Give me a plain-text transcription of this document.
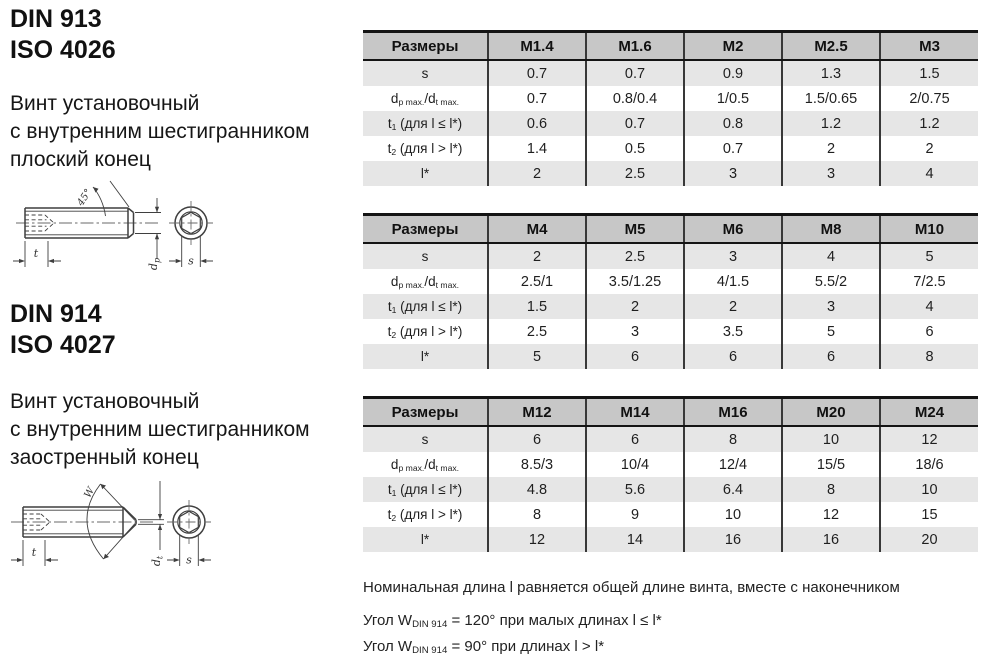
DIN 913
ISO 4026
Винт установочный
с внутренним шестигранником
плоский конец
45°
$d_p$
t
s
DIN 914
ISO 4027
Винт установочный
с внутренним шестигранником
заостренный конец
W
$d_t$
t
s
Размеры	M1.4	M1.6	M2	M2.5	M3
s	0.7	0.7	0.9	1.3	1.5
dp max./dt max.	0.7	0.8/0.4	1/0.5	1.5/0.65	2/0.75
t1 (для l ≤ l*)	0.6	0.7	0.8	1.2	1.2
t2 (для l > l*)	1.4	0.5	0.7	2	2
l*	2	2.5	3	3	4
Размеры	M4	M5	M6	M8	M10
s	2	2.5	3	4	5
dp max./dt max.	2.5/1	3.5/1.25	4/1.5	5.5/2	7/2.5
t1 (для l ≤ l*)	1.5	2	2	3	4
t2 (для l > l*)	2.5	3	3.5	5	6
l*	5	6	6	6	8
Размеры	M12	M14	M16	M20	M24
s	6	6	8	10	12
dp max./dt max.	8.5/3	10/4	12/4	15/5	18/6
t1 (для l ≤ l*)	4.8	5.6	6.4	8	10
t2 (для l > l*)	8	9	10	12	15
l*	12	14	16	16	20

Номинальная длина l равняется общей длине винта, вместе с наконечником

Угол WDIN 914 = 120° при малых длинах l ≤ l*

Угол WDIN 914 = 90° при длинах l > l*
